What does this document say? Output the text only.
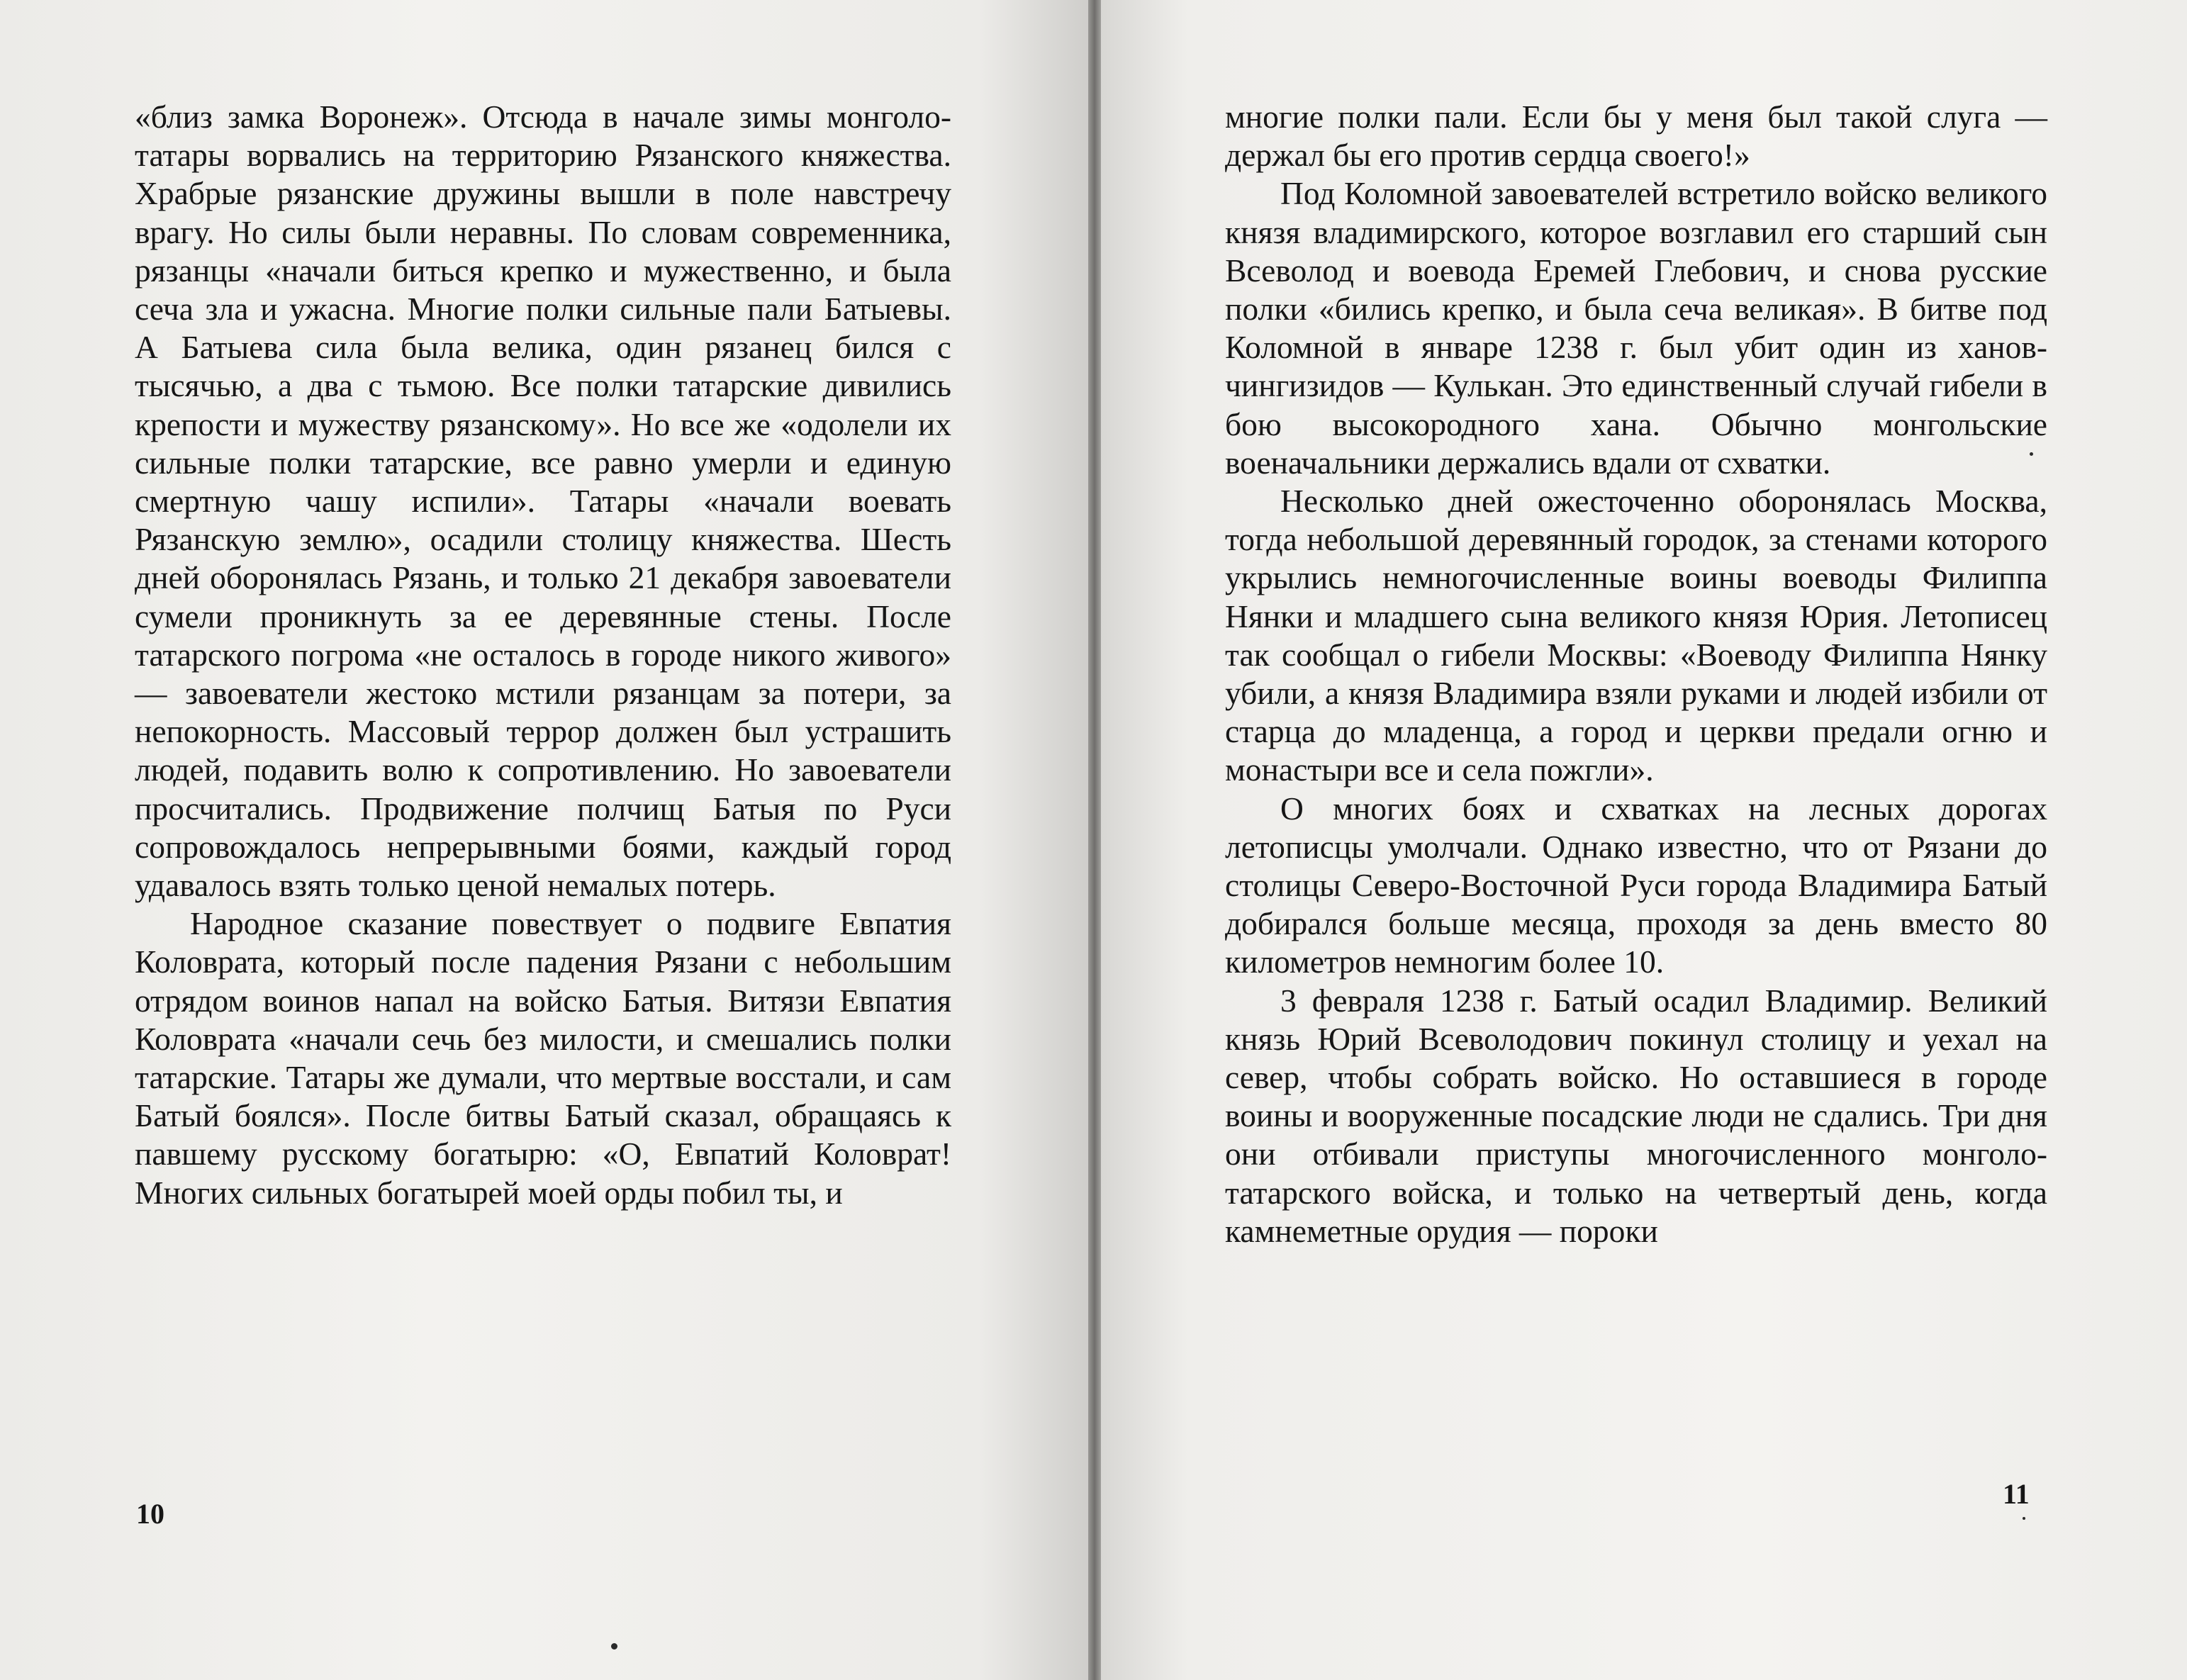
«близ замка Воронеж». Отсюда в начале зимы монголо-татары ворвались на территорию Рязанского княжества. Храбрые рязанские дружины вышли в поле навстречу врагу. Но силы были неравны. По словам современника, рязанцы «начали биться крепко и мужественно, и была сеча зла и ужасна. Многие полки сильные пали Батыевы. А Батыева сила была велика, один рязанец бился с тысячью, а два с тьмою. Все полки татарские дивились крепости и мужеству рязанскому». Но все же «одолели их сильные полки татарские, все равно умерли и единую смертную чашу испили». Татары «начали воевать Рязанскую землю», осадили столицу княжества. Шесть дней оборонялась Рязань, и только 21 декабря завоеватели сумели проникнуть за ее деревянные стены. После татарского погрома «не осталось в городе никого живого» — завоеватели жестоко мстили рязанцам за потери, за непокорность. Массовый террор должен был устрашить людей, подавить волю к сопротивлению. Но завоеватели просчитались. Продвижение полчищ Батыя по Руси сопровождалось непрерывными боями, каждый город удавалось взять только ценой немалых потерь.

Народное сказание повествует о подвиге Евпатия Коловрата, который после падения Рязани с небольшим отрядом воинов напал на войско Батыя. Витязи Евпатия Коловрата «начали сечь без милости, и смешались полки татарские. Татары же думали, что мертвые восстали, и сам Батый боялся». После битвы Батый сказал, обращаясь к павшему русскому богатырю: «О, Евпатий Коловрат! Многих сильных богатырей моей орды побил ты, и

10

многие полки пали. Если бы у меня был такой слуга — держал бы его против сердца своего!»

Под Коломной завоевателей встретило войско великого князя владимирского, которое возглавил его старший сын Всеволод и воевода Еремей Глебович, и снова русские полки «бились крепко, и была сеча великая». В битве под Коломной в январе 1238 г. был убит один из ханов-чингизидов — Кулькан. Это единственный случай гибели в бою высокородного хана. Обычно монгольские военачальники держались вдали от схватки.

Несколько дней ожесточенно оборонялась Москва, тогда небольшой деревянный городок, за стенами которого укрылись немногочисленные воины воеводы Филиппа Нянки и младшего сына великого князя Юрия. Летописец так сообщал о гибели Москвы: «Воеводу Филиппа Нянку убили, а князя Владимира взяли руками и людей избили от старца до младенца, а город и церкви предали огню и монастыри все и села пожгли».

О многих боях и схватках на лесных дорогах летописцы умолчали. Однако известно, что от Рязани до столицы Северо-Восточной Руси города Владимира Батый добирался больше месяца, проходя за день вместо 80 километров немногим более 10.

3 февраля 1238 г. Батый осадил Владимир. Великий князь Юрий Всеволодович покинул столицу и уехал на север, чтобы собрать войско. Но оставшиеся в городе воины и вооруженные посадские люди не сдались. Три дня они отбивали приступы многочисленного монголо-татарского войска, и только на четвертый день, когда камнеметные орудия — пороки

11
